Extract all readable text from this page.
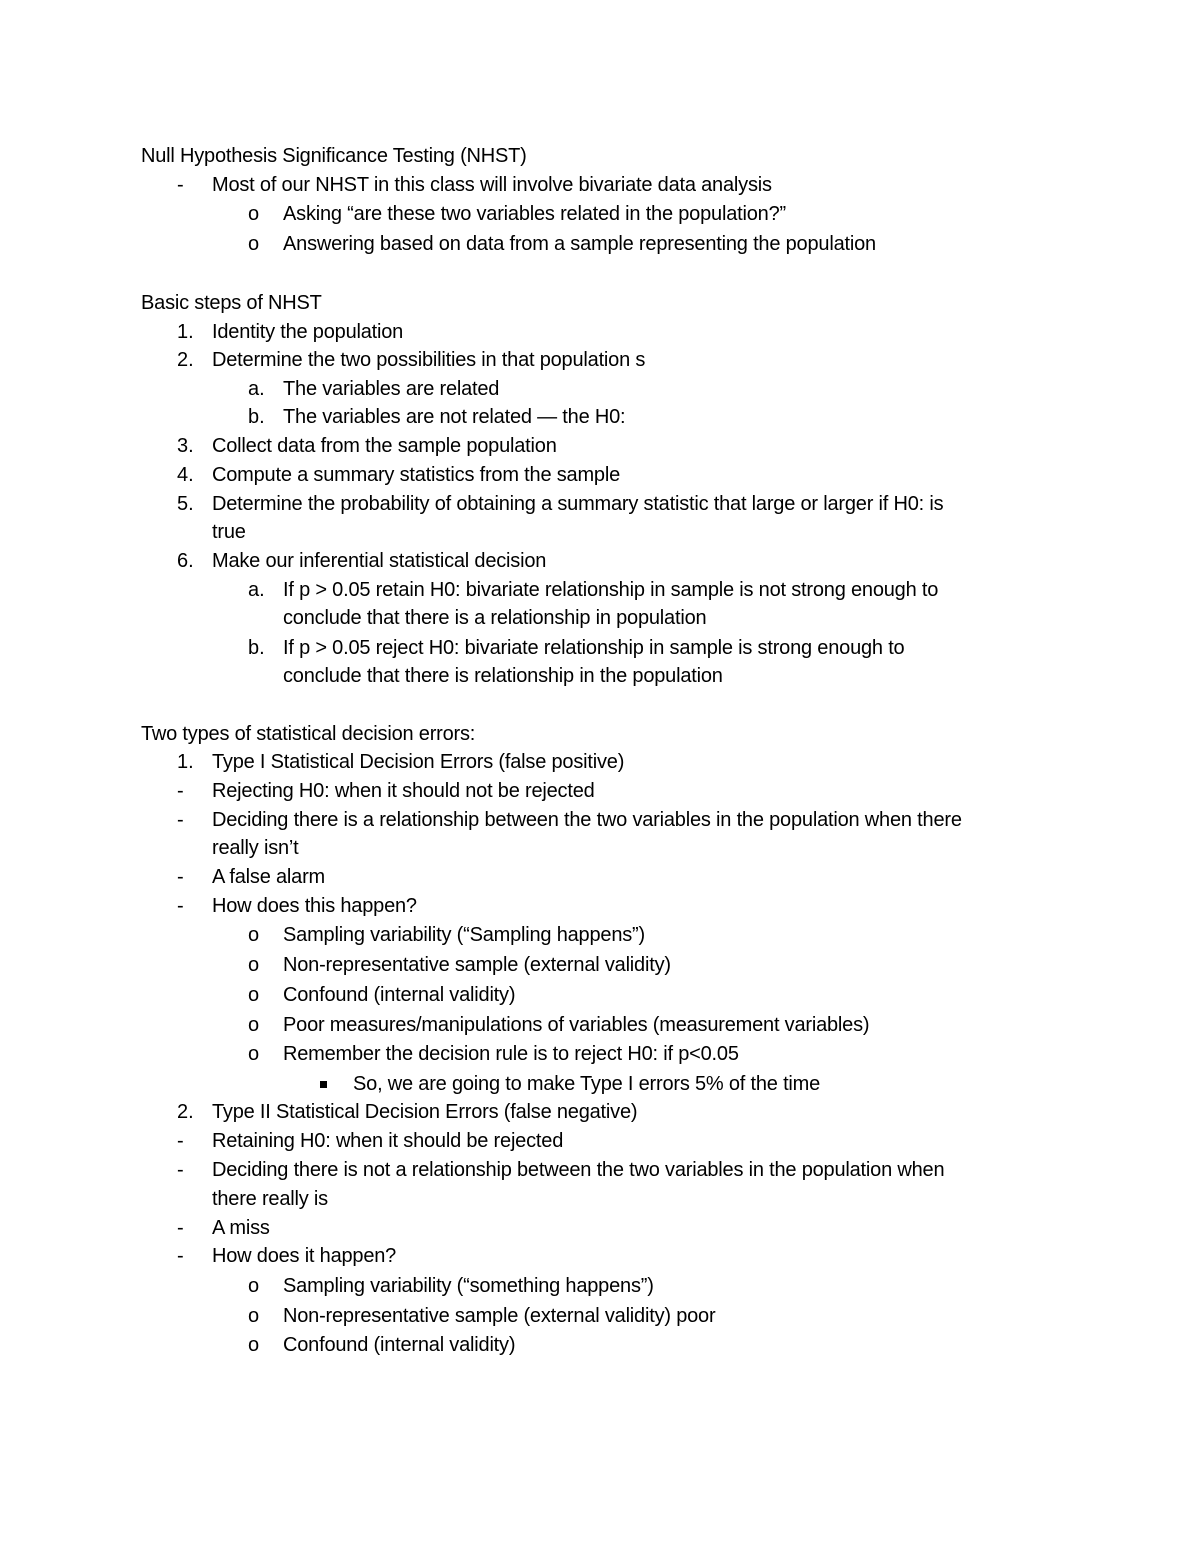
Null Hypothesis Significance Testing (NHST)
- Most of our NHST in this class will involve bivariate data analysis
o Asking “are these two variables related in the population?”
o Answering based on data from a sample representing the population
Basic steps of NHST
1. Identity the population
2. Determine the two possibilities in that population s
a. The variables are related
b. The variables are not related — the H0:
3. Collect data from the sample population
4. Compute a summary statistics from the sample
5. Determine the probability of obtaining a summary statistic that large or larger if H0: is
true
6. Make our inferential statistical decision
a. If p > 0.05 retain H0: bivariate relationship in sample is not strong enough to
conclude that there is a relationship in population
b. If p > 0.05 reject H0: bivariate relationship in sample is strong enough to
conclude that there is relationship in the population
Two types of statistical decision errors:
1. Type I Statistical Decision Errors (false positive)
- Rejecting H0: when it should not be rejected
- Deciding there is a relationship between the two variables in the population when there
really isn’t
- A false alarm
- How does this happen?
o Sampling variability (“Sampling happens”)
o Non-representative sample (external validity)
o Confound (internal validity)
o Poor measures/manipulations of variables (measurement variables)
o Remember the decision rule is to reject H0: if p<0.05
So, we are going to make Type I errors 5% of the time
2. Type II Statistical Decision Errors (false negative)
- Retaining H0: when it should be rejected
- Deciding there is not a relationship between the two variables in the population when
there really is
- A miss
- How does it happen?
o Sampling variability (“something happens”)
o Non-representative sample (external validity) poor
o Confound (internal validity)
